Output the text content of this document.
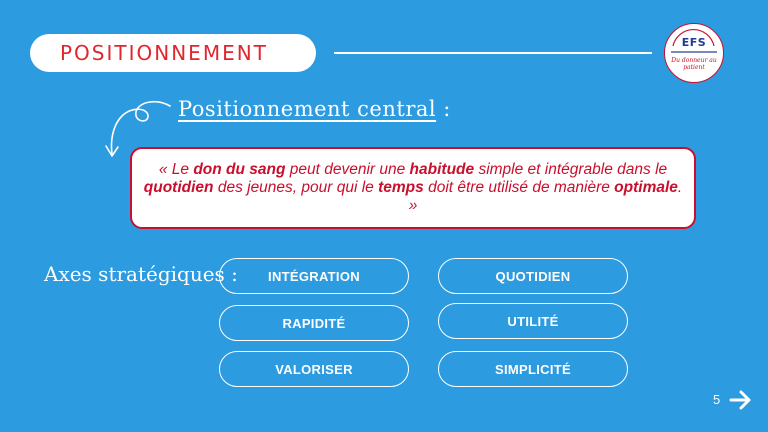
POSITIONNEMENT	EFS
Du donneur au patient
Positionnement central :
« Le don du sang peut devenir une habitude simple et intégrable dans le quotidien des jeunes, pour qui le temps doit être utilisé de manière optimale. »
Axes stratégiques :	INTÉGRATION	QUOTIDIEN
RAPIDITÉ	UTILITÉ
VALORISER	SIMPLICITÉ
5
